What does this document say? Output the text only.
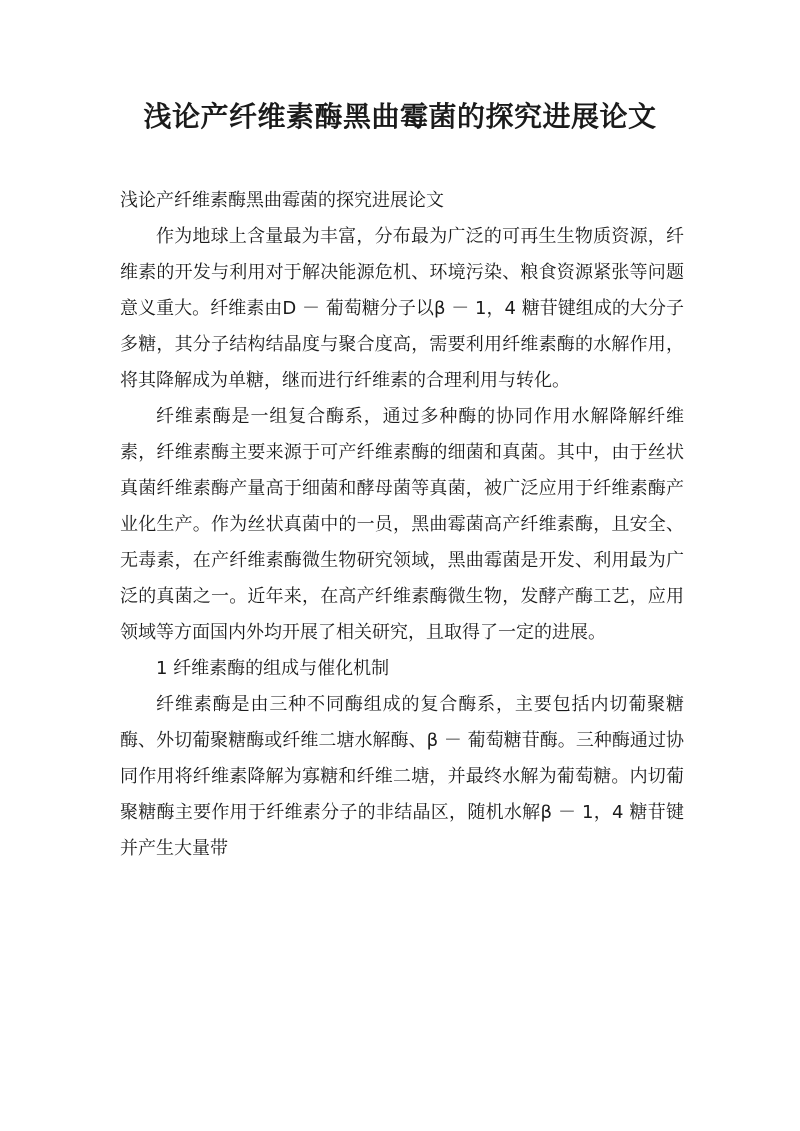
浅论产纤维素酶黑曲霉菌的探究进展论文

浅论产纤维素酶黑曲霉菌的探究进展论文

作为地球上含量最为丰富，分布最为广泛的可再生生物质资源，纤维素的开发与利用对于解决能源危机、环境污染、粮食资源紧张等问题意义重大。纤维素由D － 葡萄糖分子以β － 1，4 糖苷键组成的大分子多糖，其分子结构结晶度与聚合度高，需要利用纤维素酶的水解作用，将其降解成为单糖，继而进行纤维素的合理利用与转化。

纤维素酶是一组复合酶系，通过多种酶的协同作用水解降解纤维素，纤维素酶主要来源于可产纤维素酶的细菌和真菌。其中，由于丝状真菌纤维素酶产量高于细菌和酵母菌等真菌，被广泛应用于纤维素酶产业化生产。作为丝状真菌中的一员，黑曲霉菌高产纤维素酶，且安全、无毒素，在产纤维素酶微生物研究领域，黑曲霉菌是开发、利用最为广泛的真菌之一。近年来，在高产纤维素酶微生物，发酵产酶工艺，应用领域等方面国内外均开展了相关研究，且取得了一定的进展。

1 纤维素酶的组成与催化机制

纤维素酶是由三种不同酶组成的复合酶系，主要包括内切葡聚糖酶、外切葡聚糖酶或纤维二塘水解酶、β － 葡萄糖苷酶。三种酶通过协同作用将纤维素降解为寡糖和纤维二塘，并最终水解为葡萄糖。内切葡聚糖酶主要作用于纤维素分子的非结晶区，随机水解β － 1，4 糖苷键并产生大量带
